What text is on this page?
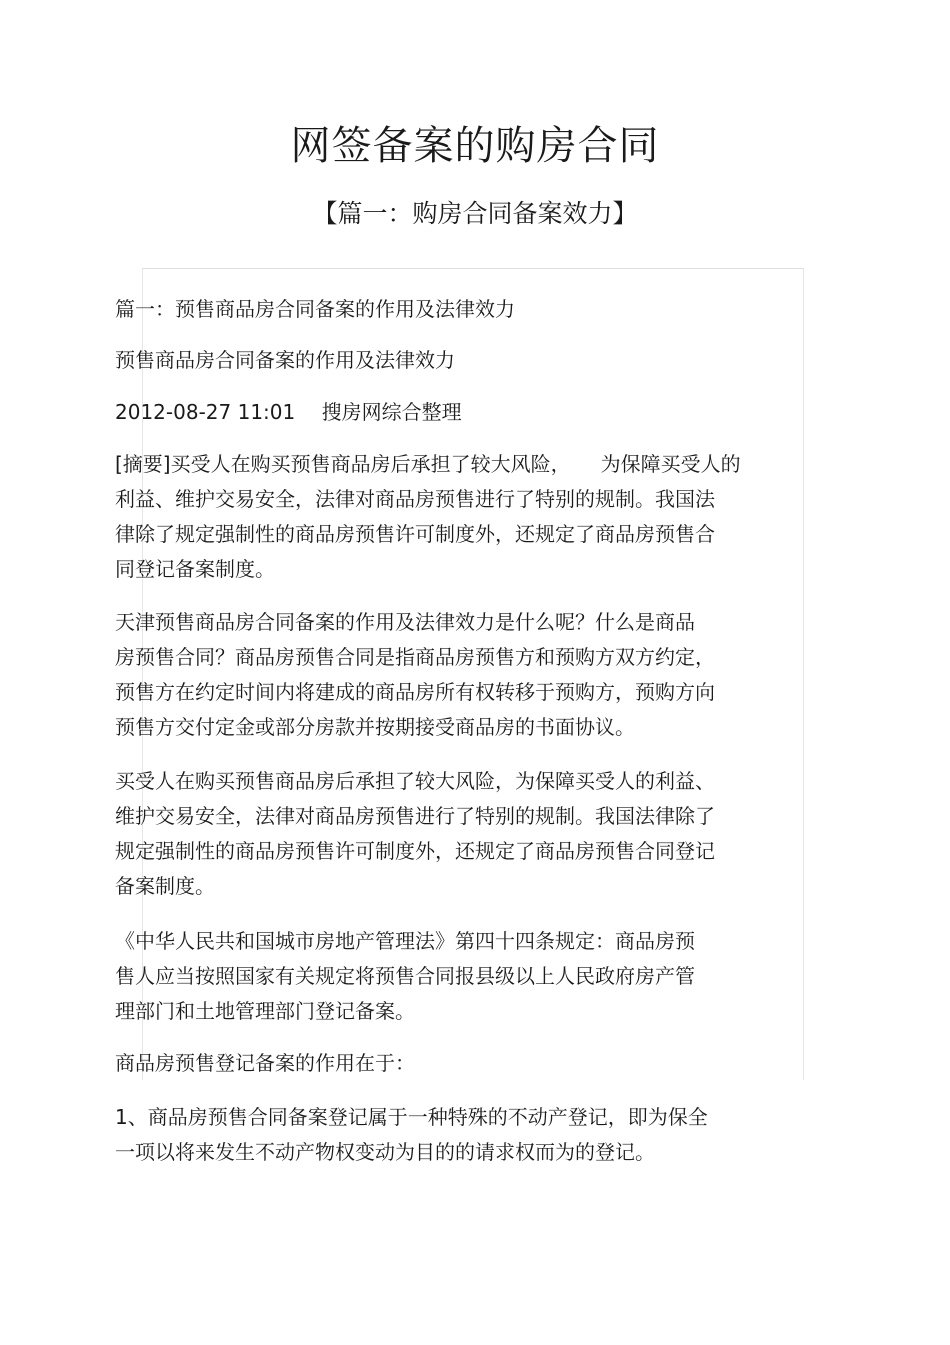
网签备案的购房合同
【篇一：购房合同备案效力】
篇一：预售商品房合同备案的作用及法律效力
预售商品房合同备案的作用及法律效力
2012-08-27 11:01　 搜房网综合整理
[摘要]买受人在购买预售商品房后承担了较大风险，　　为保障买受人的
利益、维护交易安全，法律对商品房预售进行了特别的规制。我国法
律除了规定强制性的商品房预售许可制度外，还规定了商品房预售合
同登记备案制度。
天津预售商品房合同备案的作用及法律效力是什么呢？什么是商品
房预售合同？商品房预售合同是指商品房预售方和预购方双方约定，
预售方在约定时间内将建成的商品房所有权转移于预购方，预购方向
预售方交付定金或部分房款并按期接受商品房的书面协议。
买受人在购买预售商品房后承担了较大风险，为保障买受人的利益、
维护交易安全，法律对商品房预售进行了特别的规制。我国法律除了
规定强制性的商品房预售许可制度外，还规定了商品房预售合同登记
备案制度。
《中华人民共和国城市房地产管理法》第四十四条规定：商品房预
售人应当按照国家有关规定将预售合同报县级以上人民政府房产管
理部门和土地管理部门登记备案。
商品房预售登记备案的作用在于：
1、商品房预售合同备案登记属于一种特殊的不动产登记，即为保全
一项以将来发生不动产物权变动为目的的请求权而为的登记。
